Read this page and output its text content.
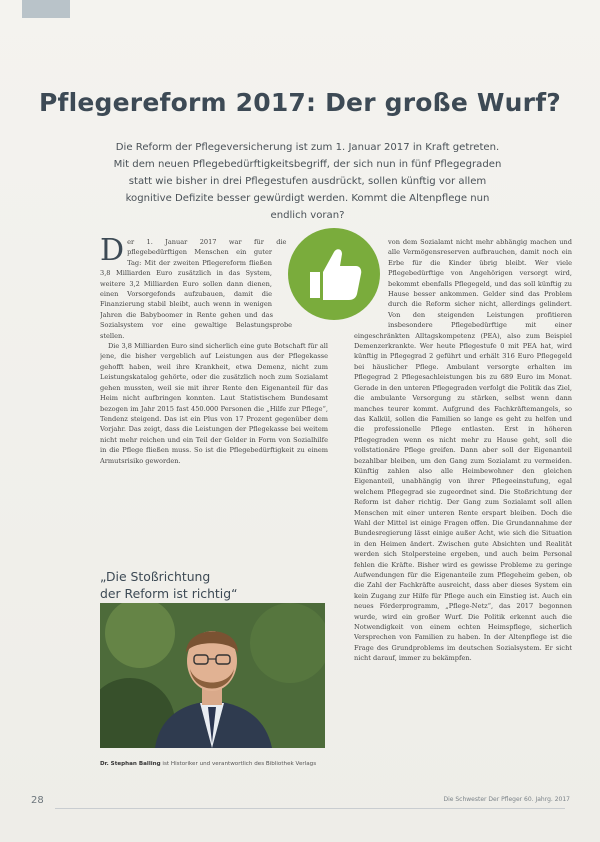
Pflegereform 2017: Der große Wurf?

Die Reform der Pflegeversicherung ist zum 1. Januar 2017 in Kraft getreten. Mit dem neuen Pflegebedürftigkeitsbegriff, der sich nun in fünf Pflegegraden statt wie bisher in drei Pflegestufen ausdrückt, sollen künftig vor allem kognitive Defizite besser gewürdigt werden. Kommt die Altenpflege nun endlich voran?

D er 1. Januar 2017 war für die pflegebedürftigen Menschen ein guter Tag: Mit der zweiten Pflegereform fließen 3,8 Milliarden Euro zusätzlich in das System, weitere 3,2 Milliarden Euro sollen dann dienen, einen Vorsorgefonds aufzubauen, damit die Finanzierung stabil bleibt, auch wenn in wenigen Jahren die Babyboomer in Rente gehen und das Sozialsystem vor eine gewaltige Belastungsprobe stellen.

Die 3,8 Milliarden Euro sind sicherlich eine gute Botschaft für all jene, die bisher vergeblich auf Leistungen aus der Pflegekasse gehofft haben, weil ihre Krankheit, etwa Demenz, nicht zum Leistungskatalog gehörte, oder die zusätzlich noch zum Sozialamt gehen mussten, weil sie mit ihrer Rente den Eigenanteil für das Heim nicht aufbringen konnten. Laut Statistischem Bundesamt bezogen im Jahr 2015 fast 450.000 Personen die „Hilfe zur Pflege“, Tendenz steigend. Das ist ein Plus von 17 Prozent gegenüber dem Vorjahr. Das zeigt, dass die Leistungen der Pflegekasse bei weitem nicht mehr reichen und ein Teil der Gelder in Form von Sozialhilfe in die Pflege fließen muss. So ist die Pflegebedürftigkeit zu einem Armutsrisiko geworden.

von dem Sozialamt nicht mehr abhängig machen und alle Vermögensreserven aufbrauchen, damit noch ein Erbe für die Kinder übrig bleibt. Wer viele Pflegebedürftige von Angehörigen versorgt wird, bekommt ebenfalls Pflegegeld, und das soll künftig zu Hause besser ankommen. Gelder sind das Problem durch die Reform sicher nicht, allerdings gelindert. Von den steigenden Leistungen profitieren insbesondere Pflegebedürftige mit einer eingeschränkten Alltagskompetenz (PEA), also zum Beispiel Demenzerkrankte. Wer heute Pflegestufe 0 mit PEA hat, wird künftig in Pflegegrad 2 geführt und erhält 316 Euro Pflegegeld bei häuslicher Pflege. Ambulant versorgte erhalten im Pflegegrad 2 Pflegesachleistungen bis zu 689 Euro im Monat. Gerade in den unteren Pflegegraden verfolgt die Politik das Ziel, die ambulante Versorgung zu stärken, selbst wenn dann manches teurer kommt. Aufgrund des Fachkräftemangels, so das Kalkül, sollen die Familien so lange es geht zu helfen und die professionelle Pflege entlasten. Erst in höheren Pflegegraden wenn es nicht mehr zu Hause geht, soll die vollstationäre Pflege greifen. Dann aber soll der Eigenanteil bezahlbar bleiben, um den Gang zum Sozialamt zu vermeiden. Künftig zahlen also alle Heimbewohner den gleichen Eigenanteil, unabhängig von ihrer Pflegeeinstufung, egal welchem Pflegegrad sie zugeordnet sind. Die Stoßrichtung der Reform ist daher richtig. Der Gang zum Sozialamt soll allen Menschen mit einer unteren Rente erspart bleiben. Doch die Wahl der Mittel ist einige Fragen offen. Die Grundannahme der Bundesregierung lässt einige außer Acht, wie sich die Situation in den Heimen ändert. Zwischen gute Absichten und Realität werden sich Stolpersteine ergeben, und auch beim Personal fehlen die Kräfte. Bisher wird es gewisse Probleme zu geringe Aufwendungen für die Eigenanteile zum Pflegeheim geben, ob die Zahl der Fachkräfte ausreicht, dass aber dieses System ein kein Zugang zur Hilfe für Pflege auch ein Einstieg ist. Auch ein neues Förderprogramm, „Pflege-Netz“, das 2017 begonnen wurde, wird ein großer Wurf. Die Politik erkennt auch die Notwendigkeit von einem echten Heimspflege, sicherlich Versprechen von Familien zu haben. In der Altenpflege ist die Frage des Grundproblems im deutschen Sozialsystem. Er sicht nicht darauf, immer zu bekämpfen.
„Die Stoßrichtung
der Reform ist richtig“

Dr. Stephan Balling ist Historiker und verantwortlich des Bibliothek Verlags

28	Die Schwester Der Pfleger 60. Jahrg. 2017
